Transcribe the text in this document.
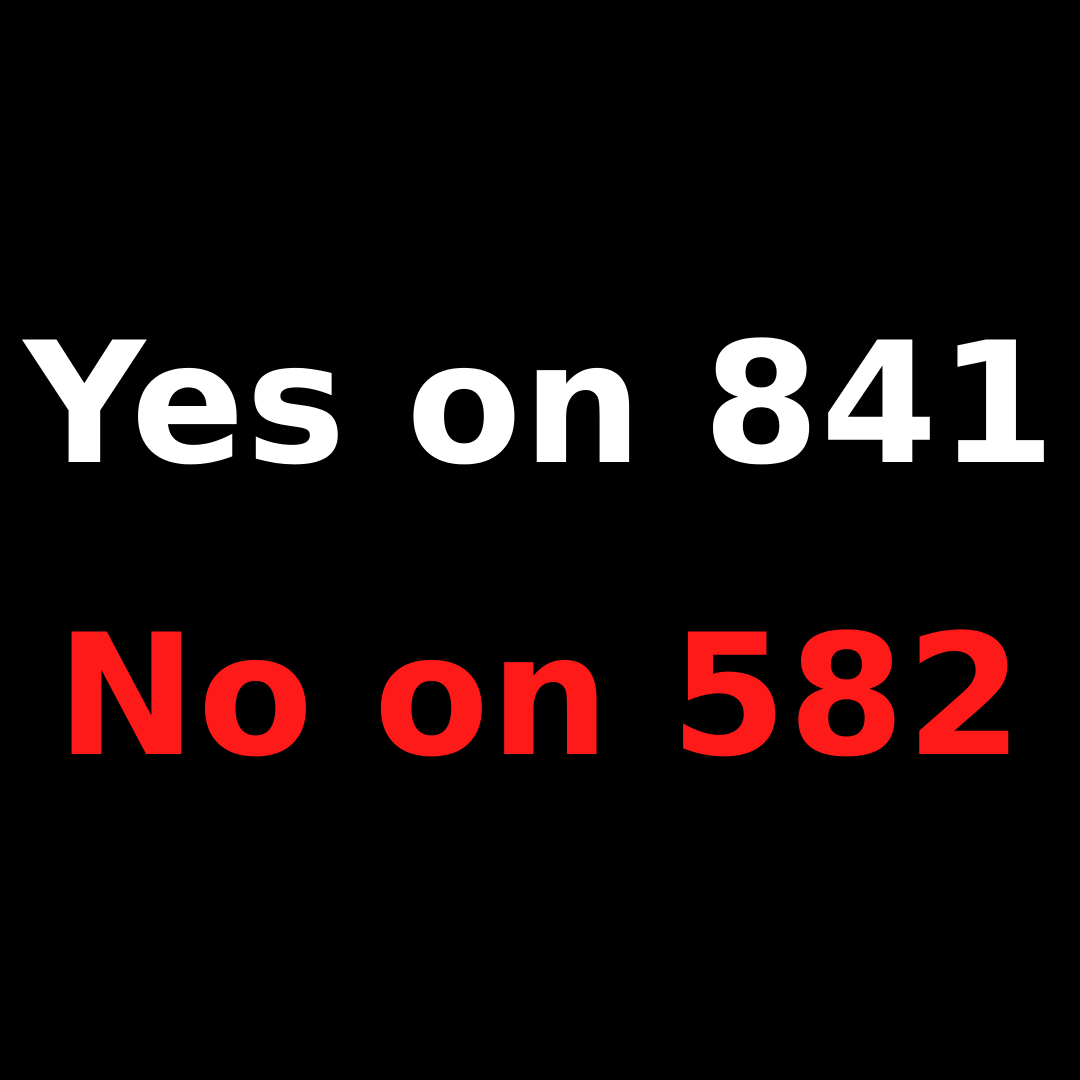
Yes on 841
No on 582
